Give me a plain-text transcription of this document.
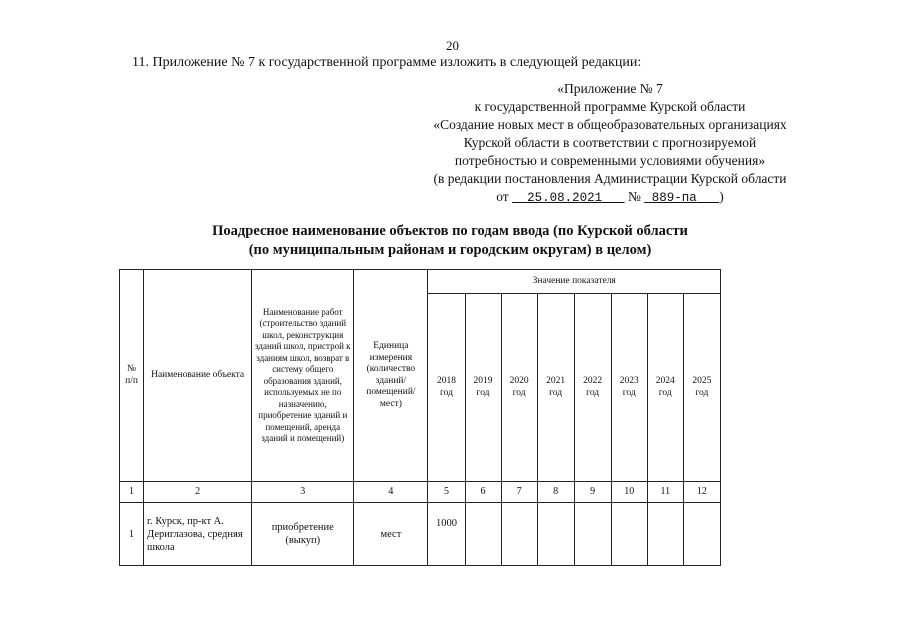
20
11. Приложение № 7 к государственной программе изложить в следующей редакции:
«Приложение № 7
к государственной программе Курской области
«Создание новых мест в общеобразовательных организациях
Курской области в соответствии с прогнозируемой
потребностью и современными условиями обучения»
(в редакции постановления Администрации Курской области
от 25.08.2021 № 889-па )
Поадресное наименование объектов по годам ввода (по Курской области
(по муниципальным районам и городским округам) в целом)
№ п/п	Наименование объекта	Наименование работ (строительство зданий школ, реконструкция зданий школ, пристрой к зданиям школ, возврат в систему общего образования зданий, используемых не по назначению, приобретение зданий и помещений, аренда зданий и помещений)	Единица измерения (количество зданий/ помещений/ мест)	Значение показателя							
				2018 год	2019 год	2020 год	2021 год	2022 год	2023 год	2024 год	2025 год
1	2	3	4	5	6	7	8	9	10	11	12
1	г. Курск, пр-кт А. Дериглазова, средняя школа	приобретение (выкуп)	мест	1000							
